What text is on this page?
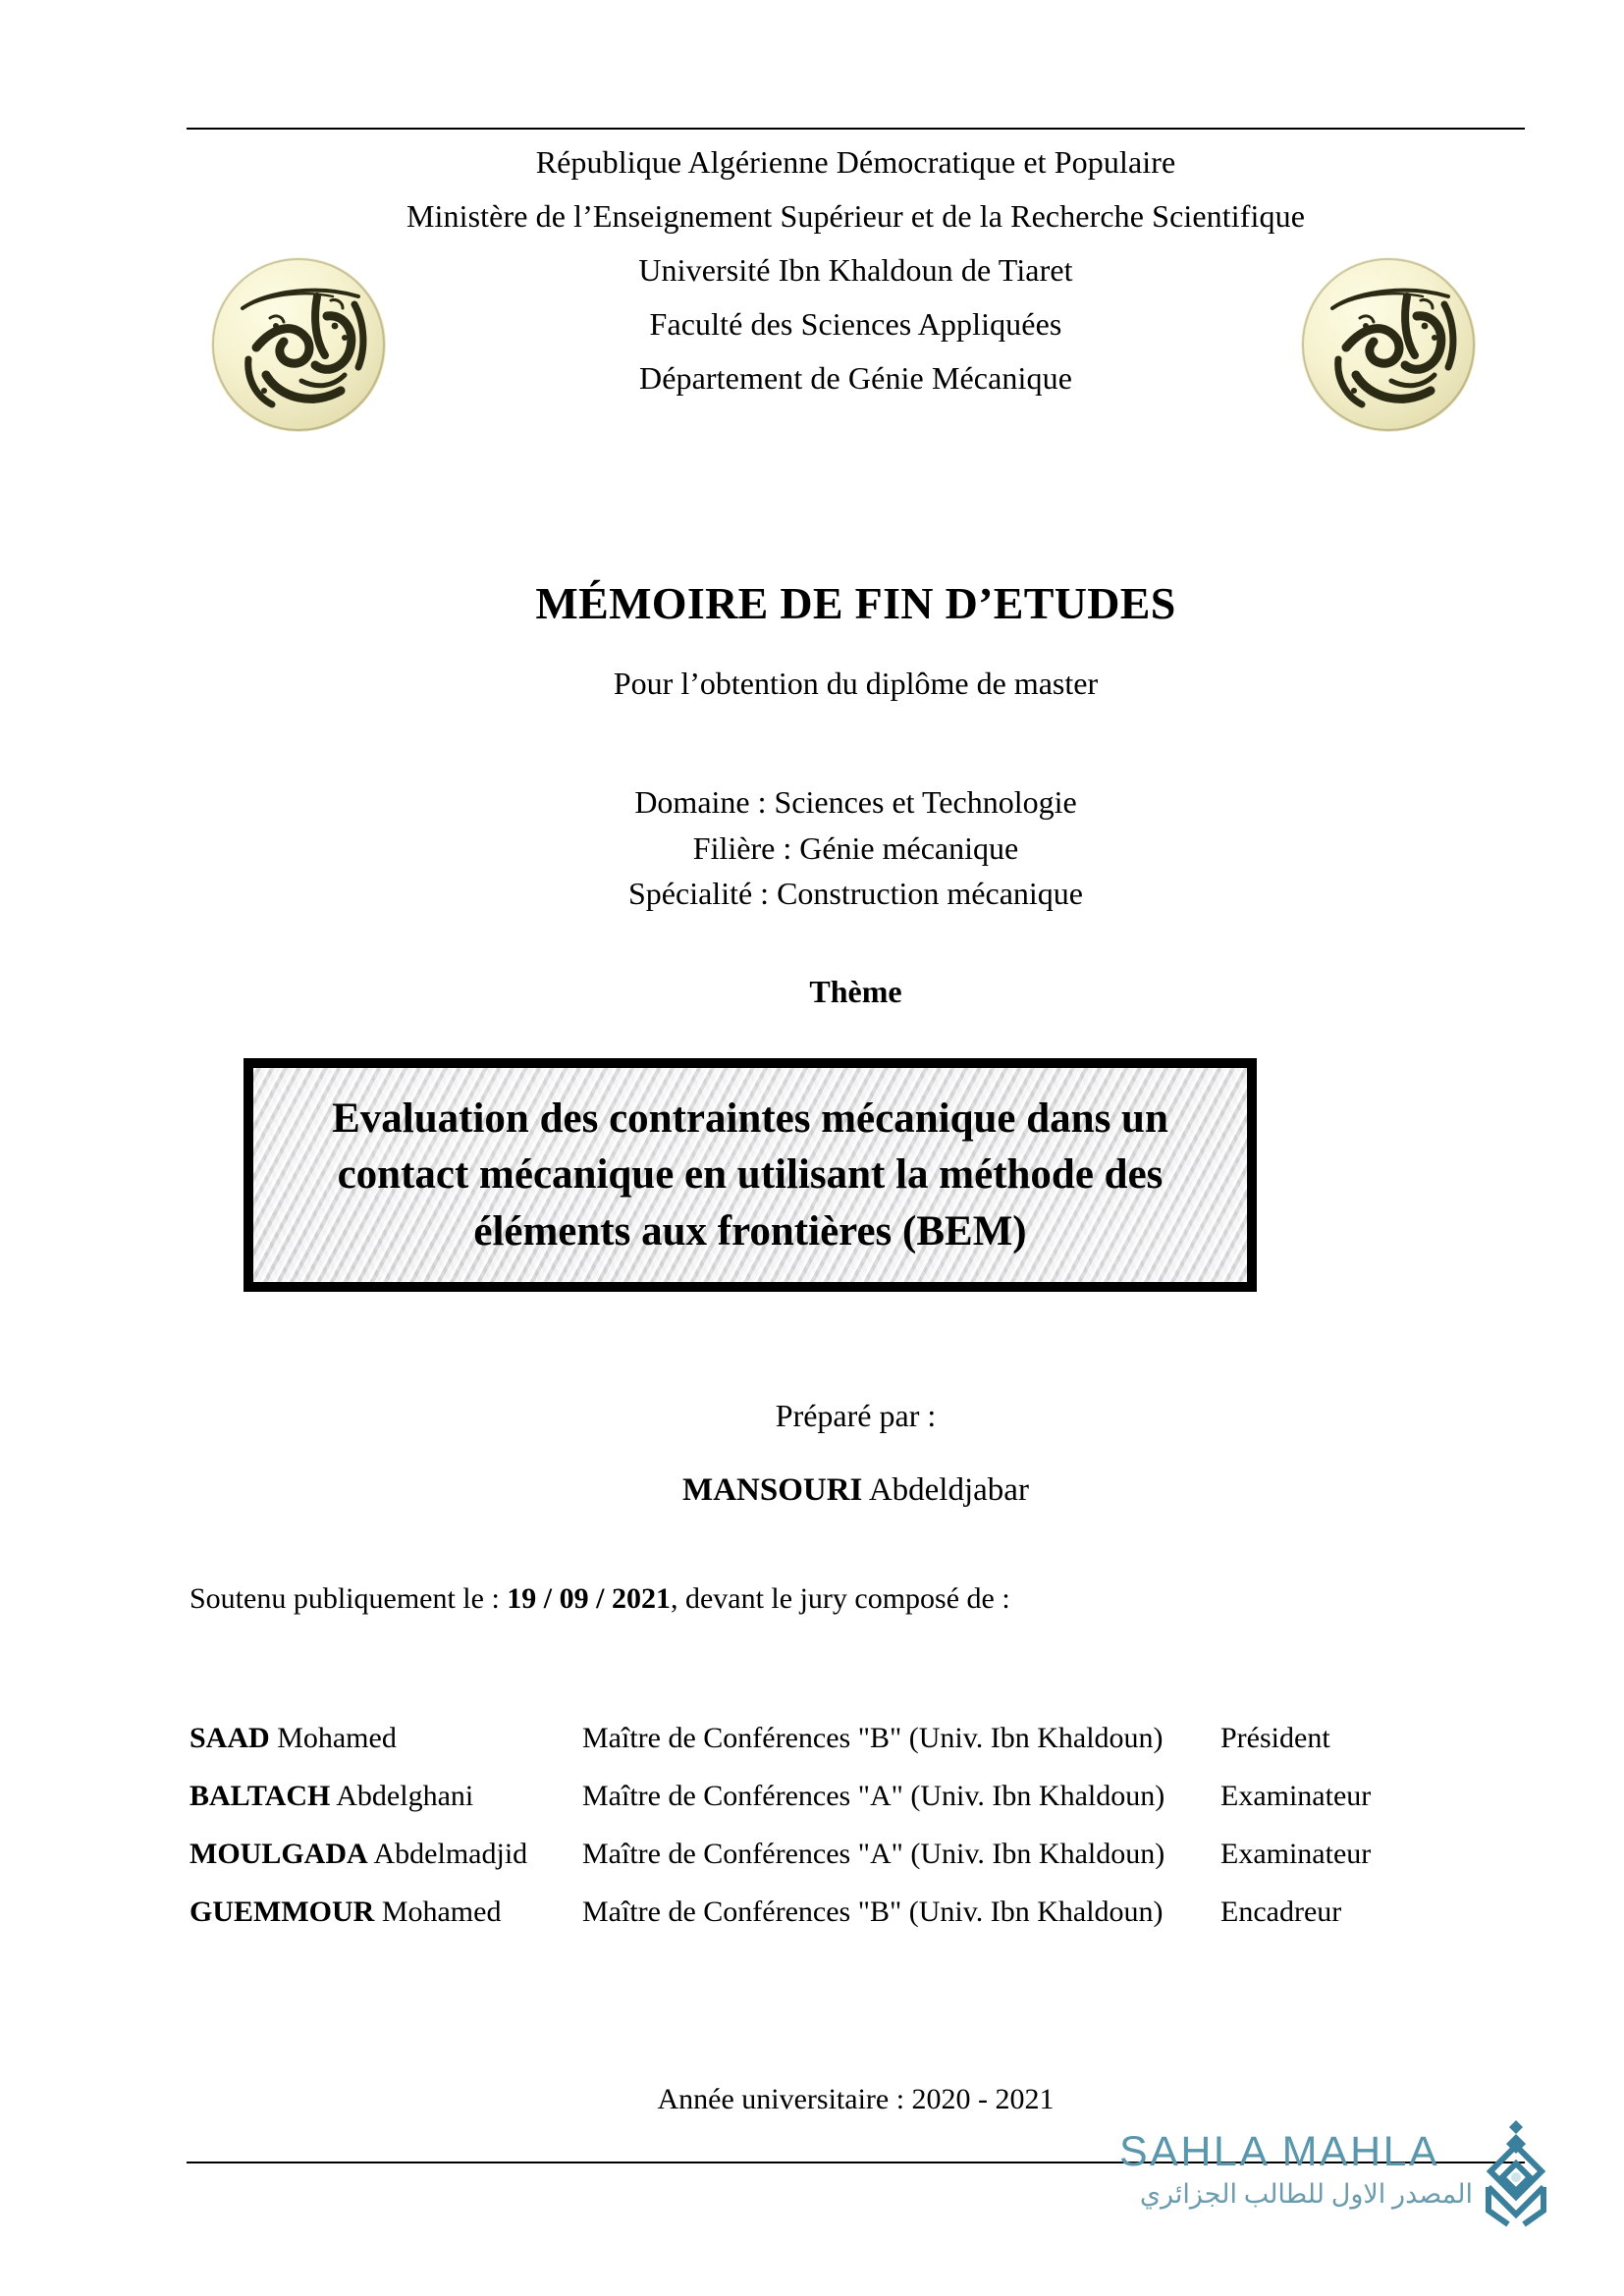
République Algérienne Démocratique et Populaire
Ministère de l’Enseignement Supérieur et de la Recherche Scientifique
Université Ibn Khaldoun de Tiaret
Faculté des Sciences Appliquées
Département de Génie Mécanique
MÉMOIRE DE FIN D’ETUDES
Pour l’obtention du diplôme de master
Domaine : Sciences et Technologie
Filière : Génie mécanique
Spécialité : Construction mécanique
Thème
Evaluation des contraintes mécanique dans un contact mécanique en utilisant la méthode des éléments aux frontières (BEM)
Préparé par :
MANSOURI Abdeldjabar
Soutenu publiquement le : 19 / 09 / 2021, devant le jury composé de :
SAAD Mohamed	Maître de Conférences "B" (Univ. Ibn Khaldoun)	Président
BALTACH Abdelghani	Maître de Conférences "A" (Univ. Ibn Khaldoun)	Examinateur
MOULGADA Abdelmadjid	Maître de Conférences "A" (Univ. Ibn Khaldoun)	Examinateur
GUEMMOUR Mohamed	Maître de Conférences "B" (Univ. Ibn Khaldoun)	Encadreur
Année universitaire : 2020 - 2021
SAHLA MAHLA
المصدر الاول للطالب الجزائري
